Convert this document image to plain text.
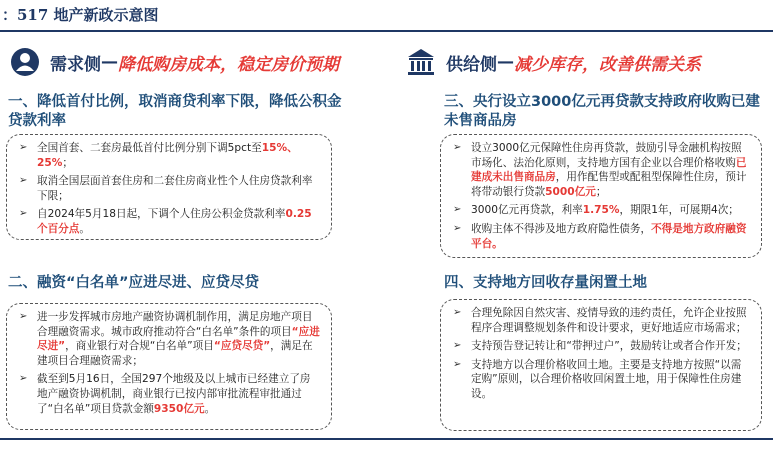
：517 地产新政示意图
需求侧 — 降低购房成本，稳定房价预期
一、降低首付比例，取消商贷利率下限，降低公积金贷款利率
➢ 全国首套、二套房最低首付比例分别下调5pct至15%、25%；
➢ 取消全国层面首套住房和二套住房商业性个人住房贷款利率下限；
➢ 自2024年5月18日起，下调个人住房公积金贷款利率0.25个百分点。
二、融资“白名单”应进尽进、应贷尽贷
➢ 进一步发挥城市房地产融资协调机制作用，满足房地产项目合理融资需求。城市政府推动符合“白名单”条件的项目“应进尽进”，商业银行对合规“白名单”项目“应贷尽贷”，满足在建项目合理融资需求；
➢ 截至到5月16日，全国297个地级及以上城市已经建立了房地产融资协调机制，商业银行已按内部审批流程审批通过了“白名单”项目贷款金额9350亿元。
供给侧 — 减少库存，改善供需关系
三、央行设立3000亿元再贷款支持政府收购已建未售商品房
➢ 设立3000亿元保障性住房再贷款，鼓励引导金融机构按照市场化、法治化原则，支持地方国有企业以合理价格收购已建成未出售商品房，用作配售型或配租型保障性住房，预计将带动银行贷款5000亿元；
➢ 3000亿元再贷款，利率1.75%，期限1年，可展期4次；
➢ 收购主体不得涉及地方政府隐性债务，不得是地方政府融资平台。
四、支持地方回收存量闲置土地
➢ 合理免除因自然灾害、疫情导致的违约责任，允许企业按照程序合理调整规划条件和设计要求，更好地适应市场需求；
➢ 支持预告登记转让和“带押过户”，鼓励转让或者合作开发；
➢ 支持地方以合理价格收回土地。主要是支持地方按照“以需定购”原则，以合理价格收回闲置土地，用于保障性住房建设。
